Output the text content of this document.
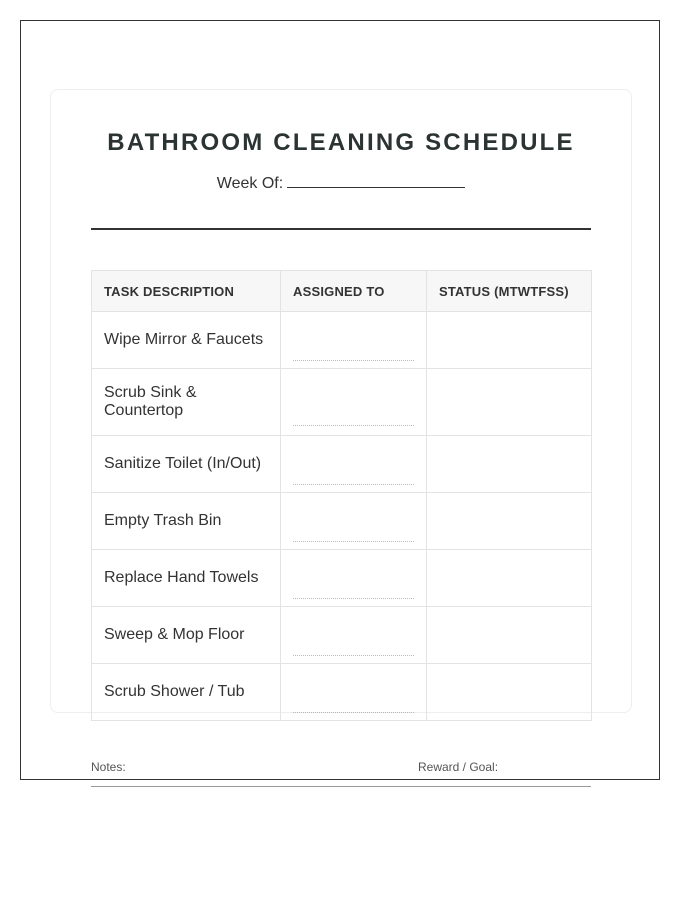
BATHROOM CLEANING SCHEDULE
Week Of:
TASK DESCRIPTION	ASSIGNED TO	STATUS (MTWTFSS)
Wipe Mirror & Faucets	

Scrub Sink & Countertop	

Sanitize Toilet (In/Out)	

Empty Trash Bin	

Replace Hand Towels	

Sweep & Mop Floor	

Scrub Shower / Tub	

Notes:	Reward / Goal:
